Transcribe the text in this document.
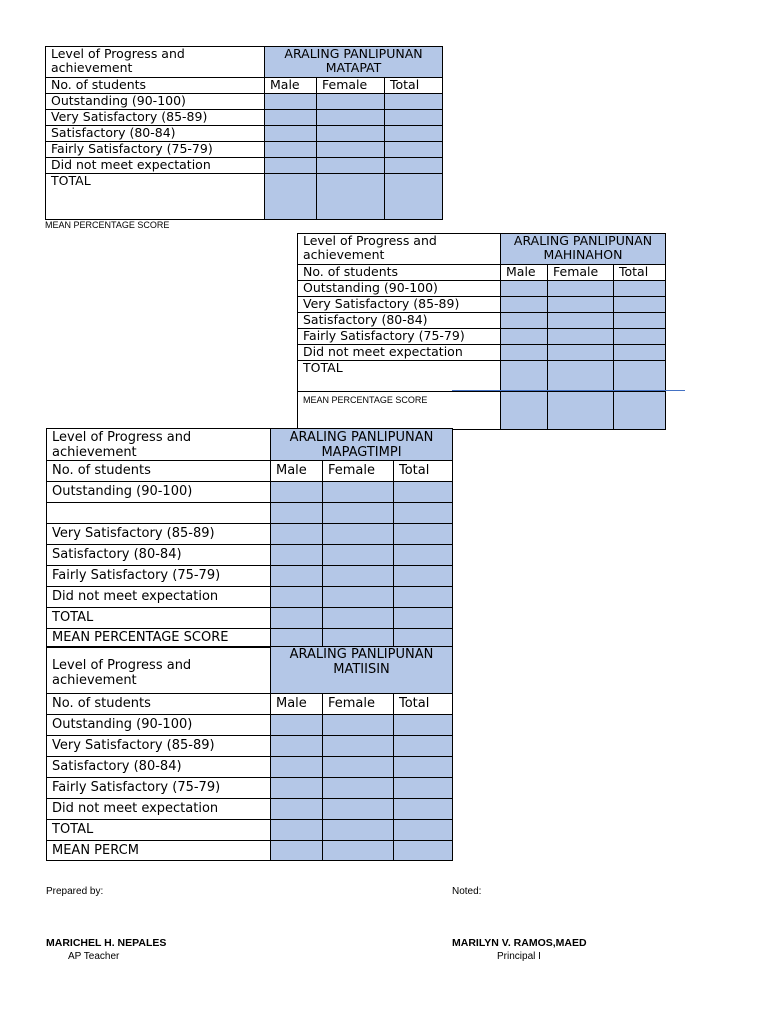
Level of Progress and achievement	ARALING PANLIPUNAN MATAPAT		
No. of students	Male	Female	Total
Outstanding (90-100)			
Very Satisfactory (85-89)			
Satisfactory (80-84)			
Fairly Satisfactory (75-79)			
Did not meet expectation			
TOTAL			
MEAN PERCENTAGE SCORE
Level of Progress and achievement	ARALING PANLIPUNAN MAHINAHON		
No. of students	Male	Female	Total
Outstanding (90-100)			
Very Satisfactory (85-89)			
Satisfactory (80-84)			
Fairly Satisfactory (75-79)			
Did not meet expectation			
TOTAL			
MEAN PERCENTAGE SCORE			
Level of Progress and achievement	ARALING PANLIPUNAN MAPAGTIMPI		
No. of students	Male	Female	Total
Outstanding (90-100)			

Very Satisfactory (85-89)			
Satisfactory (80-84)			
Fairly Satisfactory (75-79)			
Did not meet expectation			
TOTAL			
MEAN PERCENTAGE SCORE			
Level of Progress and achievement	ARALING PANLIPUNAN MATIISIN		
No. of students	Male	Female	Total
Outstanding (90-100)			
Very Satisfactory (85-89)			
Satisfactory (80-84)			
Fairly Satisfactory (75-79)			
Did not meet expectation			
TOTAL			
MEAN PERCM			
Prepared by:	Noted:
MARICHEL H. NEPALES
AP Teacher
MARILYN V. RAMOS,MAED
Principal I
